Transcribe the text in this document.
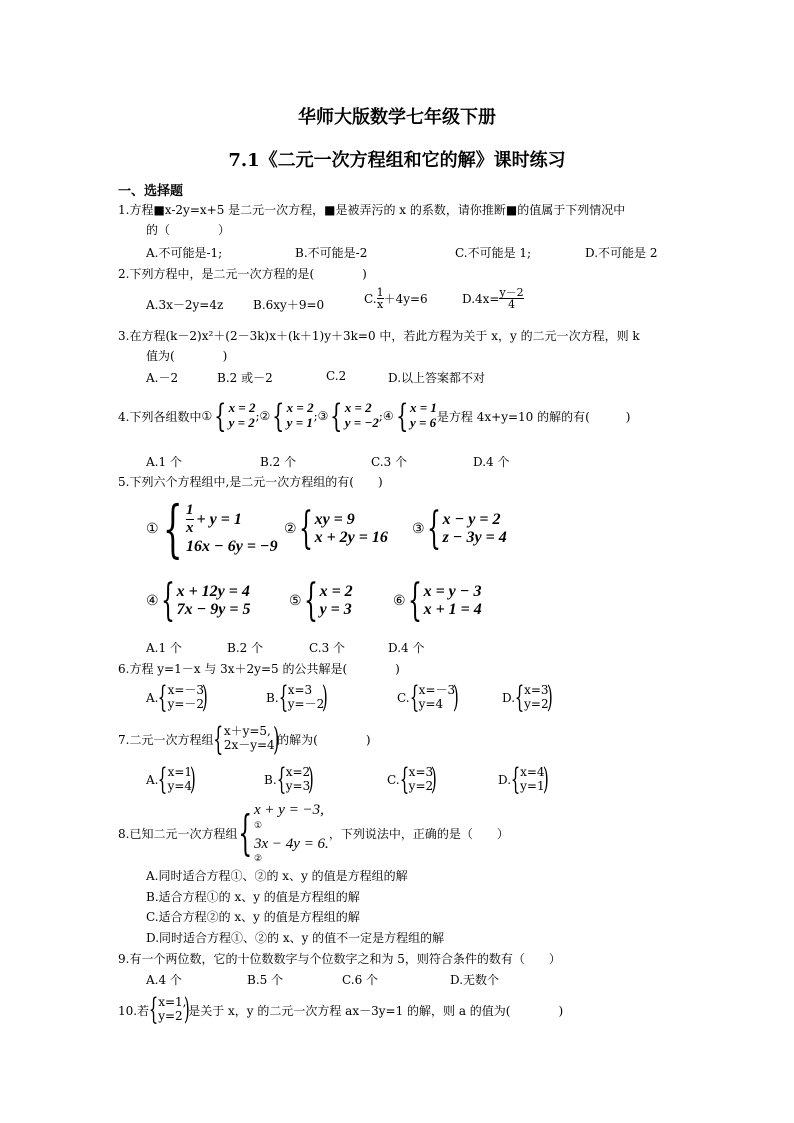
华师大版数学七年级下册
7.1《二元一次方程组和它的解》课时练习
一、选择题
1.方程■x-2y=x+5 是二元一次方程，■是被弄污的 x 的系数，请你推断■的值属于下列情况中
的（　　　　）
A.不可能是-1;	B.不可能是-2	C.不可能是 1;	D.不可能是 2
2.下列方程中，是二元一次方程的是(　　　　)
A.3x－2y=4z B.6xy＋9=0	C. $\frac{1}{x} +4y=6$	$D.4x= \frac{y-2}{4}$
3.在方程(k－2)x²＋(2－3k)x＋(k＋1)y＋3k=0 中，若此方程为关于 x，y 的二元一次方程，则 k
值为(　　　　)
A.－2	B.2 或－2	C.2	D.以上答案都不对
4.下列各组数中 ① { x = 2
y = 2 ;② { x = 2
y = 1 ;③ { x = 2
y = −2 ;④ { x = 1
y = 6 是方程 4x+y=10 的解的有(　　　)
A.1 个	B.2 个	C.3 个	D.4 个
5.下列六个方程组中,是二元一次方程组的有(　　)
① { $\frac{1}{x} + y = 1$
16x − 6y = −9
② { xy = 9
x + 2y = 16 ③ { x − y = 2
z − 3y = 4
④ { x + 12y = 4
7x − 9y = 5	⑤ { x = 2
y = 3	⑥ { x = y − 3
x + 1 = 4
A.1 个	B.2 个	C.3 个	D.4 个
6.方程 y=1－x 与 3x＋2y=5 的公共解是(　　　　)
A. { x=－3
y=－2
)	B. { x=3
y=－2
)	C. { x=－3
y=4 )	D. { x=3
y=2
)
7.二元一次方程组 { x＋y=5,
2x－y=4
)
的解为(　　　　)
A. { x=1
y=4
)	B. { x=2
y=3
)	C. { x=3
y=2
)	D. { x=4
y=1
)
8.已知二元一次方程组 { x + y = −3,
①
3x − 4y = 6.
②
，下列说法中，正确的是（　　）
A.同时适合方程①、②的 x、y 的值是方程组的解
B.适合方程①的 x、y 的值是方程组的解
C.适合方程②的 x、y 的值是方程组的解
D.同时适合方程①、②的 x、y 的值不一定是方程组的解
9.有一个两位数，它的十位数数字与个位数字之和为 5，则符合条件的数有（　　）
A.4 个	B.5 个	C.6 个	D.无数个
10.若 { x=1,
y=2 )
是关于 x，y 的二元一次方程 ax－3y=1 的解，则 a 的值为(　　　　)
